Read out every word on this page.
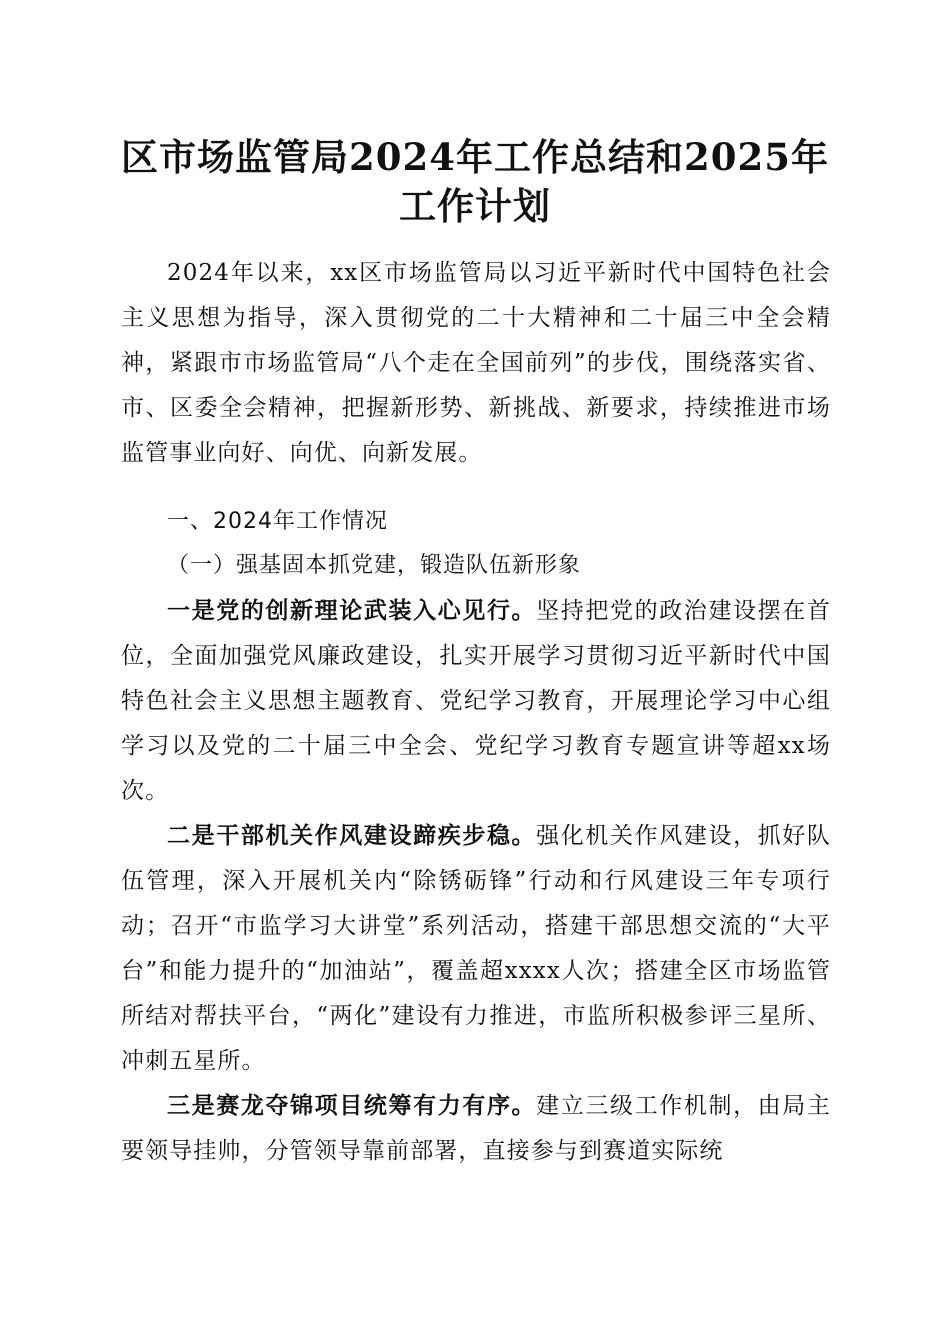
区市场监管局2024年工作总结和2025年工作计划

2024年以来，xx区市场监管局以习近平新时代中国特色社会主义思想为指导，深入贯彻党的二十大精神和二十届三中全会精神，紧跟市市场监管局“八个走在全国前列”的步伐，围绕落实省、市、区委全会精神，把握新形势、新挑战、新要求，持续推进市场监管事业向好、向优、向新发展。

一、2024年工作情况

（一）强基固本抓党建，锻造队伍新形象

一是党的创新理论武装入心见行。坚持把党的政治建设摆在首位，全面加强党风廉政建设，扎实开展学习贯彻习近平新时代中国特色社会主义思想主题教育、党纪学习教育，开展理论学习中心组学习以及党的二十届三中全会、党纪学习教育专题宣讲等超xx场次。

二是干部机关作风建设蹄疾步稳。强化机关作风建设，抓好队伍管理，深入开展机关内“除锈砺锋”行动和行风建设三年专项行动；召开“市监学习大讲堂”系列活动，搭建干部思想交流的“大平台”和能力提升的“加油站”，覆盖超xxxx人次；搭建全区市场监管所结对帮扶平台，“两化”建设有力推进，市监所积极参评三星所、冲刺五星所。

三是赛龙夺锦项目统筹有力有序。建立三级工作机制，由局主要领导挂帅，分管领导靠前部署，直接参与到赛道实际统
